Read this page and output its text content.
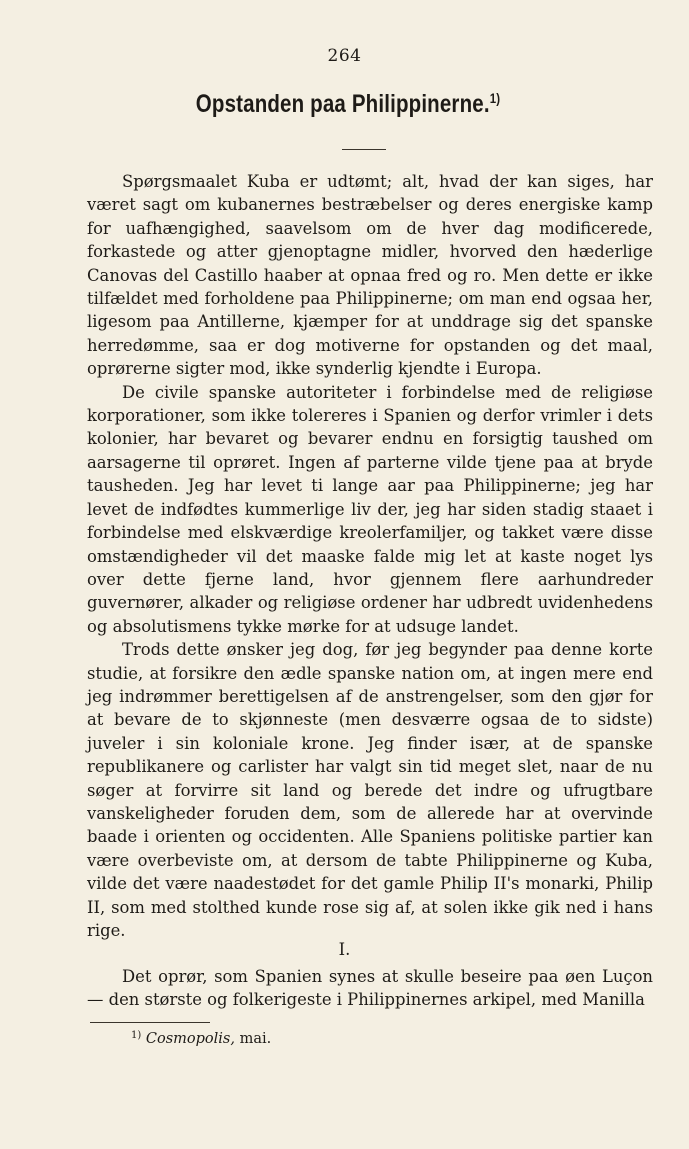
264
Opstanden paa Philippinerne.$^{1)}$

Spørgsmaalet Kuba er udtømt; alt, hvad der kan siges, har været sagt om kubanernes bestræbelser og deres energiske kamp for uafhængighed, saavelsom om de hver dag modificerede, forkastede og atter gjenoptagne midler, hvorved den hæderlige Canovas del Castillo haaber at opnaa fred og ro. Men dette er ikke tilfældet med forholdene paa Philippinerne; om man end ogsaa her, ligesom paa Antillerne, kjæmper for at unddrage sig det spanske herredømme, saa er dog motiverne for opstanden og det maal, oprørerne sigter mod, ikke synderlig kjendte i Europa.

De civile spanske autoriteter i forbindelse med de religiøse korporationer, som ikke tolereres i Spanien og derfor vrimler i dets kolonier, har bevaret og bevarer endnu en forsigtig taushed om aarsagerne til oprøret. Ingen af parterne vilde tjene paa at bryde tausheden. Jeg har levet ti lange aar paa Philippinerne; jeg har levet de indfødtes kummerlige liv der, jeg har siden stadig staaet i forbindelse med elskværdige kreolerfamiljer, og takket være disse omstændigheder vil det maaske falde mig let at kaste noget lys over dette fjerne land, hvor gjennem flere aarhundreder guvernører, alkader og religiøse ordener har udbredt uvidenhedens og absolutismens tykke mørke for at udsuge landet.

Trods dette ønsker jeg dog, før jeg begynder paa denne korte studie, at forsikre den ædle spanske nation om, at ingen mere end jeg indrømmer berettigelsen af de anstrengelser, som den gjør for at bevare de to skjønneste (men desværre ogsaa de to sidste) juveler i sin koloniale krone. Jeg finder især, at de spanske republikanere og carlister har valgt sin tid meget slet, naar de nu søger at forvirre sit land og berede det indre og ufrugtbare vanskeligheder foruden dem, som de allerede har at overvinde baade i orienten og occidenten. Alle Spaniens politiske partier kan være overbeviste om, at dersom de tabte Philippinerne og Kuba, vilde det være naadestødet for det gamle Philip II's monarki, Philip II, som med stolthed kunde rose sig af, at solen ikke gik ned i hans rige.

I.

Det oprør, som Spanien synes at skulle beseire paa øen Luçon — den største og folkerigeste i Philippinernes arkipel, med Manilla

$^{1)}$ Cosmopolis, mai.
